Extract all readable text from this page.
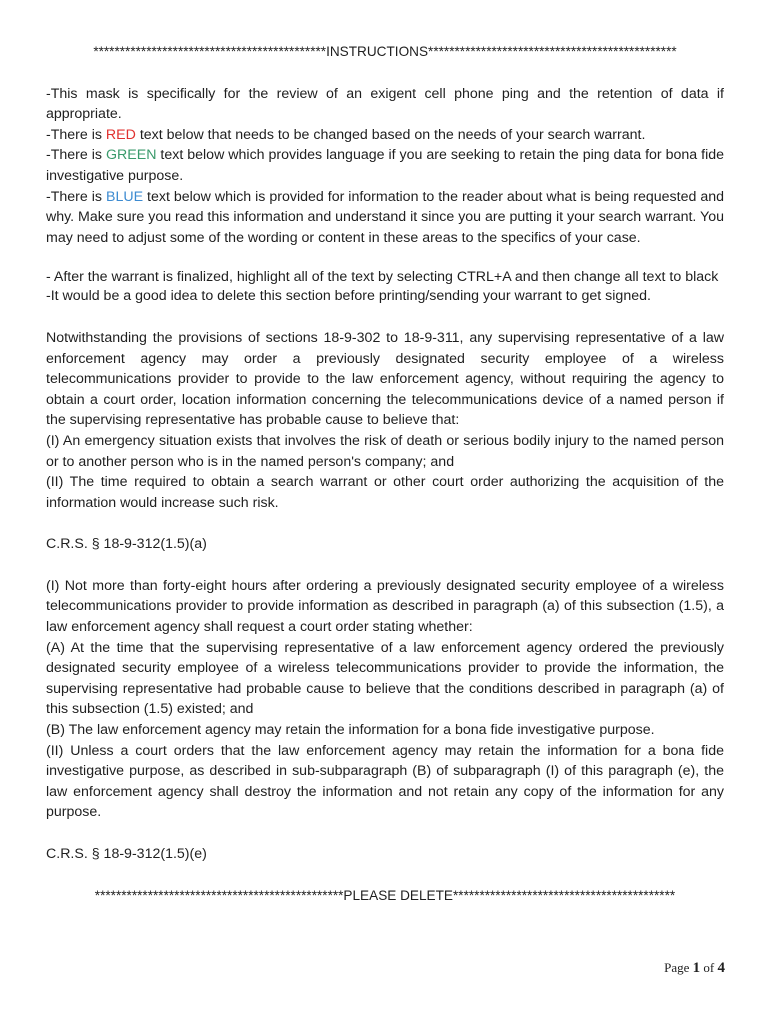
********************************************INSTRUCTIONS***********************************************

-This mask is specifically for the review of an exigent cell phone ping and the retention of data if appropriate.

-There is RED text below that needs to be changed based on the needs of your search warrant.

-There is GREEN text below which provides language if you are seeking to retain the ping data for bona fide investigative purpose.

-There is BLUE text below which is provided for information to the reader about what is being requested and why. Make sure you read this information and understand it since you are putting it your search warrant. You may need to adjust some of the wording or content in these areas to the specifics of your case.

- After the warrant is finalized, highlight all of the text by selecting CTRL+A and then change all text to black

-It would be a good idea to delete this section before printing/sending your warrant to get signed.

Notwithstanding the provisions of sections 18-9-302 to 18-9-311, any supervising representative of a law enforcement agency may order a previously designated security employee of a wireless telecommunications provider to provide to the law enforcement agency, without requiring the agency to obtain a court order, location information concerning the telecommunications device of a named person if the supervising representative has probable cause to believe that:

(I) An emergency situation exists that involves the risk of death or serious bodily injury to the named person or to another person who is in the named person's company; and

(II) The time required to obtain a search warrant or other court order authorizing the acquisition of the information would increase such risk.

C.R.S. § 18-9-312(1.5)(a)

(I) Not more than forty-eight hours after ordering a previously designated security employee of a wireless telecommunications provider to provide information as described in paragraph (a) of this subsection (1.5), a law enforcement agency shall request a court order stating whether:

(A) At the time that the supervising representative of a law enforcement agency ordered the previously designated security employee of a wireless telecommunications provider to provide the information, the supervising representative had probable cause to believe that the conditions described in paragraph (a) of this subsection (1.5) existed; and

(B) The law enforcement agency may retain the information for a bona fide investigative purpose.

(II) Unless a court orders that the law enforcement agency may retain the information for a bona fide investigative purpose, as described in sub-subparagraph (B) of subparagraph (I) of this paragraph (e), the law enforcement agency shall destroy the information and not retain any copy of the information for any purpose.

C.R.S. § 18-9-312(1.5)(e)

***********************************************PLEASE DELETE******************************************
Page 1 of 4
